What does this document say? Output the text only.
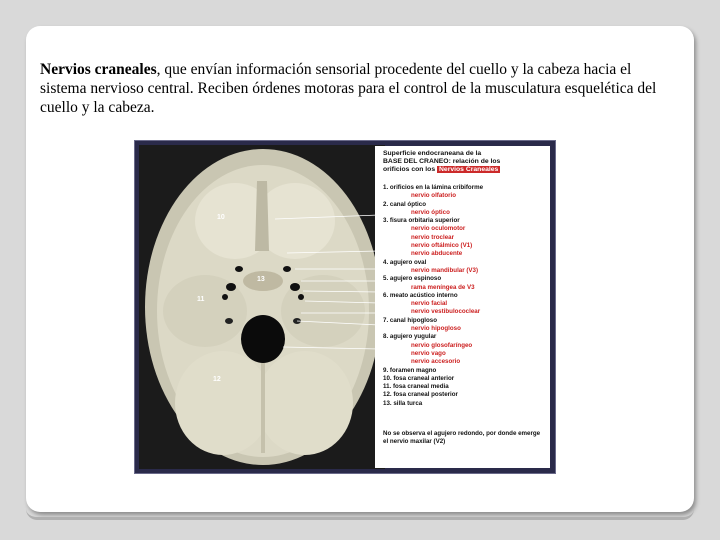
Nervios craneales, que envían información sensorial procedente del cuello y la cabeza hacia el sistema nervioso central. Reciben órdenes motoras para el control de la musculatura esquelética del cuello y la cabeza.
10
13
11
12
Superficie endocraneana de la
BASE DEL CRANEO: relación de los
orificios con los Nervios Craneales
1. orificios en la lámina cribiforme
nervio olfatorio
2. canal óptico
nervio óptico
3. fisura orbitaria superior
nervio oculomotor
nervio troclear
nervio oftálmico (V1)
nervio abducente
4. agujero oval
nervio mandibular (V3)
5. agujero espinoso
rama meníngea de V3
6. meato acústico interno
nervio facial
nervio vestibulococlear
7. canal hipogloso
nervio hipogloso
8. agujero yugular
nervio glosofaríngeo
nervio vago
nervio accesorio
9. foramen magno
10. fosa craneal anterior
11. fosa craneal media
12. fosa craneal posterior
13. silla turca
No se observa el agujero redondo, por donde emerge el nervio maxilar (V2)
